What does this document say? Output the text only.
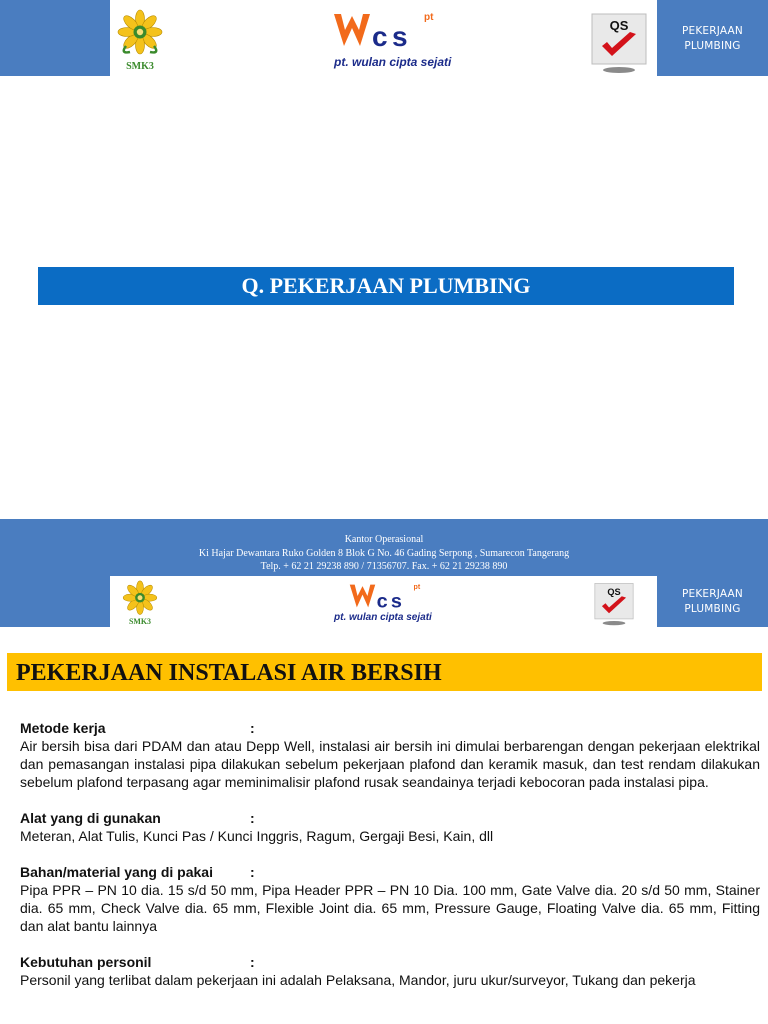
SMK3
c s
pt
pt. wulan cipta sejati
QS	PEKERJAAN
PLUMBING
Q. PEKERJAAN PLUMBING
Kantor Operasional
Ki Hajar Dewantara Ruko Golden 8 Blok G No. 46 Gading Serpong , Sumarecon Tangerang
Telp. + 62 21 29238 890 / 71356707. Fax. + 62 21 29238 890
SMK3
c s
pt
pt. wulan cipta sejati
QS	PEKERJAAN
PLUMBING
PEKERJAAN INSTALASI AIR BERSIH
Metode kerja	:
Air bersih bisa dari PDAM dan atau Depp Well, instalasi air bersih ini dimulai berbarengan dengan pekerjaan elektrikal dan pemasangan instalasi pipa dilakukan sebelum pekerjaan plafond dan keramik masuk, dan test rendam dilakukan sebelum plafond terpasang agar meminimalisir plafond rusak seandainya terjadi kebocoran pada instalasi pipa.
Alat yang di gunakan	:
Meteran, Alat Tulis, Kunci Pas / Kunci Inggris, Ragum, Gergaji Besi, Kain, dll
Bahan/material yang di pakai	:
Pipa PPR – PN 10 dia. 15 s/d 50 mm, Pipa Header PPR – PN 10 Dia. 100 mm, Gate Valve dia. 20 s/d 50 mm, Stainer dia. 65 mm, Check Valve dia. 65 mm, Flexible Joint dia. 65 mm, Pressure Gauge, Floating Valve dia. 65 mm, Fitting dan alat bantu lainnya
Kebutuhan personil	:
Personil yang terlibat dalam pekerjaan ini adalah Pelaksana, Mandor, juru ukur/surveyor, Tukang dan pekerja
